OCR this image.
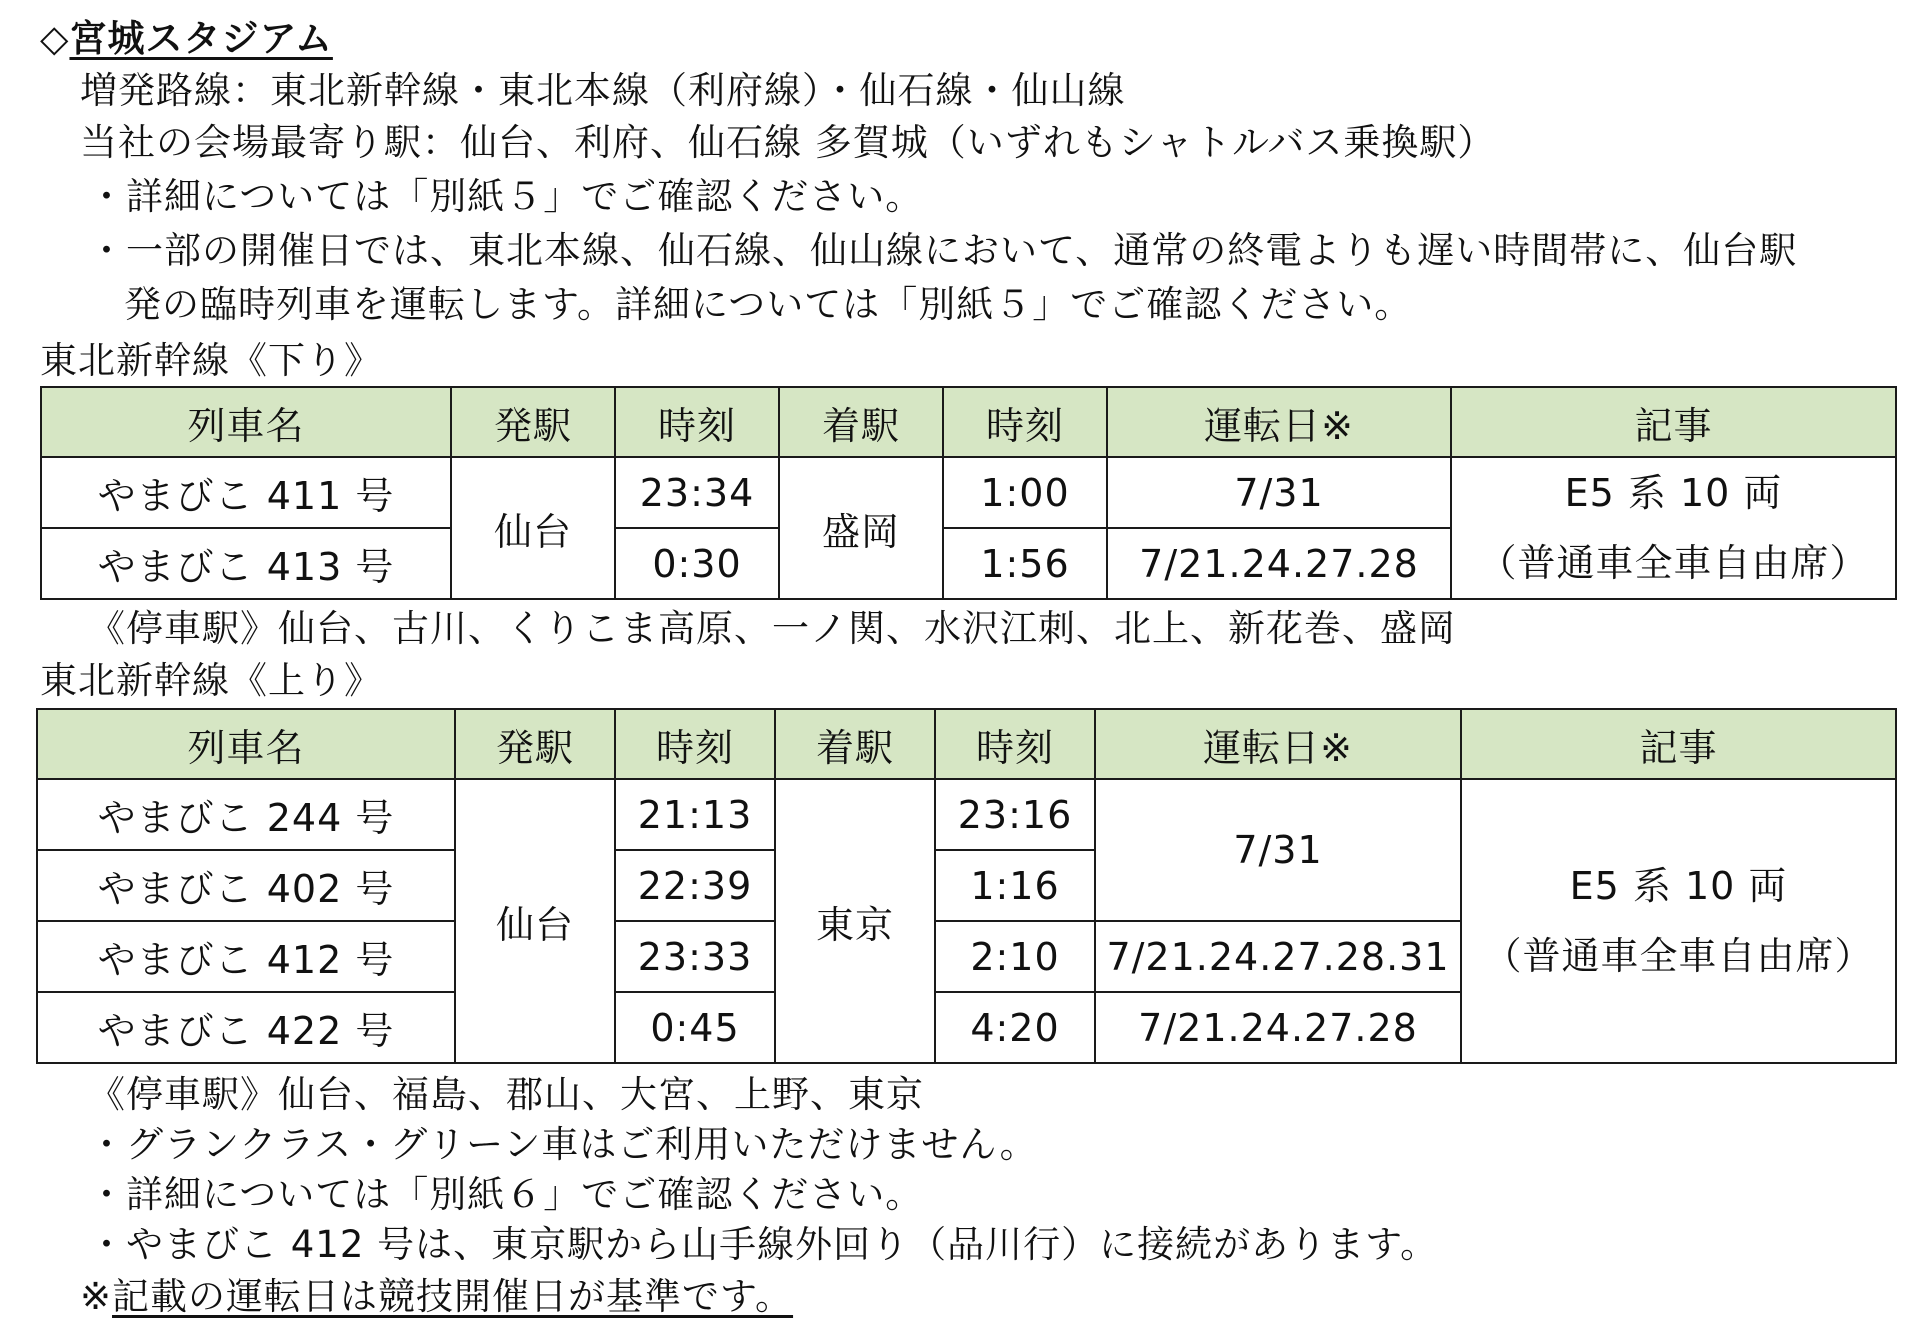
◇宮城スタジアム
増発路線：東北新幹線・東北本線（利府線）・仙石線・仙山線
当社の会場最寄り駅：仙台、利府、仙石線 多賀城（いずれもシャトルバス乗換駅）
・詳細については「別紙５」でご確認ください。
・一部の開催日では、東北本線、仙石線、仙山線において、通常の終電よりも遅い時間帯に、仙台駅
発の臨時列車を運転します。詳細については「別紙５」でご確認ください。
東北新幹線《下り》
列車名	発駅	時刻	着駅	時刻	運転日※	記事
やまびこ 411 号	仙台	23:34	盛岡	1:00	7/31	E5 系 10 両
（普通車全車自由席）

やまびこ 413 号		0:30		1:56	7/21.24.27.28	
《停車駅》仙台、古川、くりこま高原、一ノ関、水沢江刺、北上、新花巻、盛岡
東北新幹線《上り》
列車名	発駅	時刻	着駅	時刻	運転日※	記事
やまびこ 244 号	仙台	21:13	東京	23:16	7/31	E5 系 10 両
（普通車全車自由席）

やまびこ 402 号		22:39		1:16		
やまびこ 412 号		23:33		2:10	7/21.24.27.28.31	
やまびこ 422 号		0:45		4:20	7/21.24.27.28	
《停車駅》仙台、福島、郡山、大宮、上野、東京
・グランクラス・グリーン車はご利用いただけません。
・詳細については「別紙６」でご確認ください。
・やまびこ 412 号は、東京駅から山手線外回り（品川行）に接続があります。
※記載の運転日は競技開催日が基準です。
